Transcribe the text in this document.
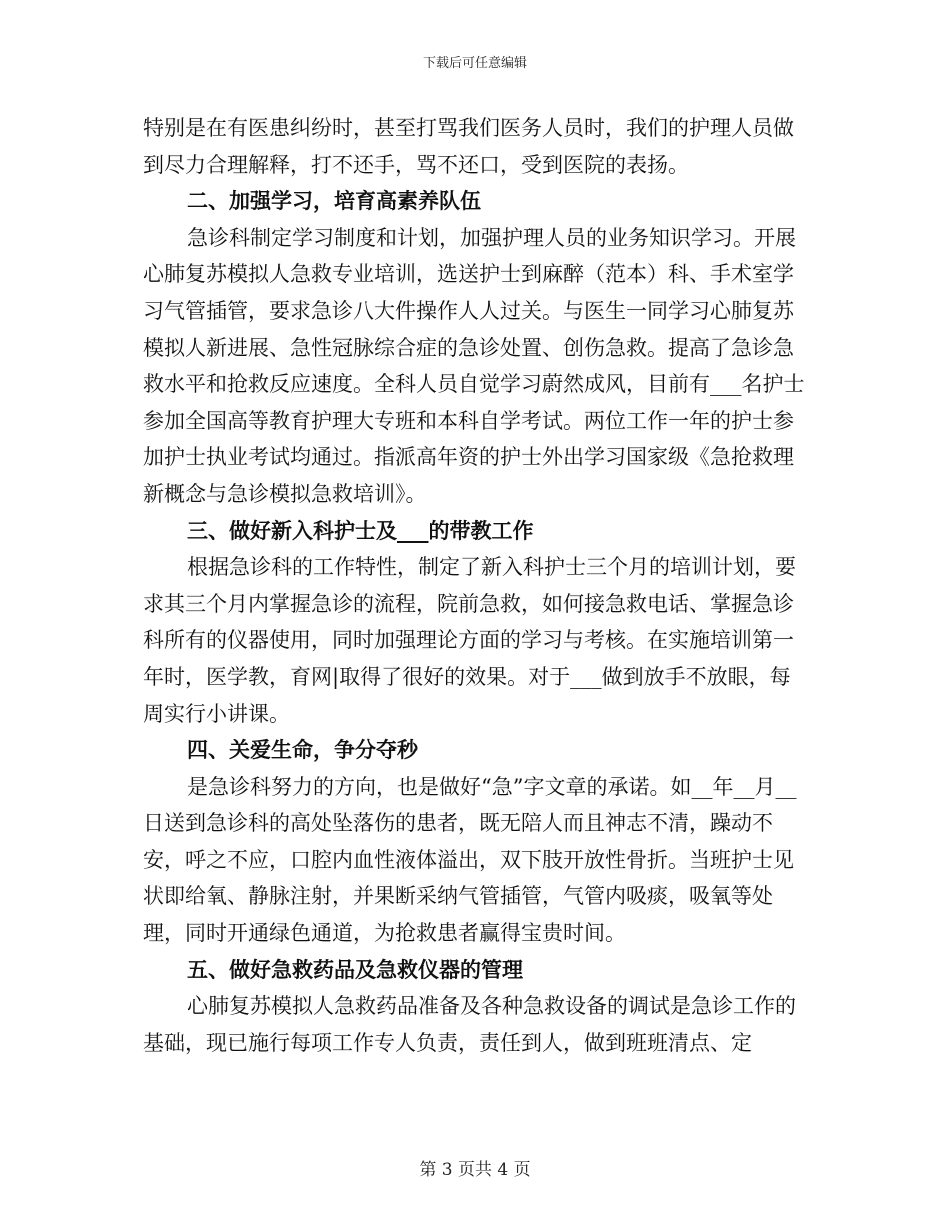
下载后可任意编辑

特别是在有医患纠纷时，甚至打骂我们医务人员时，我们的护理人员做到尽力合理解释，打不还手，骂不还口，受到医院的表扬。

二、加强学习，培育高素养队伍

急诊科制定学习制度和计划，加强护理人员的业务知识学习。开展心肺复苏模拟人急救专业培训，选送护士到麻醉（范本）科、手术室学习气管插管，要求急诊八大件操作人人过关。与医生一同学习心肺复苏模拟人新进展、急性冠脉综合症的急诊处置、创伤急救。提高了急诊急救水平和抢救反应速度。全科人员自觉学习蔚然成风，目前有___名护士参加全国高等教育护理大专班和本科自学考试。两位工作一年的护士参加护士执业考试均通过。指派高年资的护士外出学习国家级《急抢救理新概念与急诊模拟急救培训》。

三、做好新入科护士及___的带教工作

根据急诊科的工作特性，制定了新入科护士三个月的培训计划，要求其三个月内掌握急诊的流程，院前急救，如何接急救电话、掌握急诊科所有的仪器使用，同时加强理论方面的学习与考核。在实施培训第一年时，医学教，育网|取得了很好的效果。对于___做到放手不放眼，每周实行小讲课。

四、关爱生命，争分夺秒

是急诊科努力的方向，也是做好“急”字文章的承诺。如__年__月__日送到急诊科的高处坠落伤的患者，既无陪人而且神志不清，躁动不安，呼之不应，口腔内血性液体溢出，双下肢开放性骨折。当班护士见状即给氧、静脉注射，并果断采纳气管插管，气管内吸痰，吸氧等处理，同时开通绿色通道，为抢救患者赢得宝贵时间。

五、做好急救药品及急救仪器的管理

心肺复苏模拟人急救药品准备及各种急救设备的调试是急诊工作的基础，现已施行每项工作专人负责，责任到人，做到班班清点、定

第 3 页共 4 页
